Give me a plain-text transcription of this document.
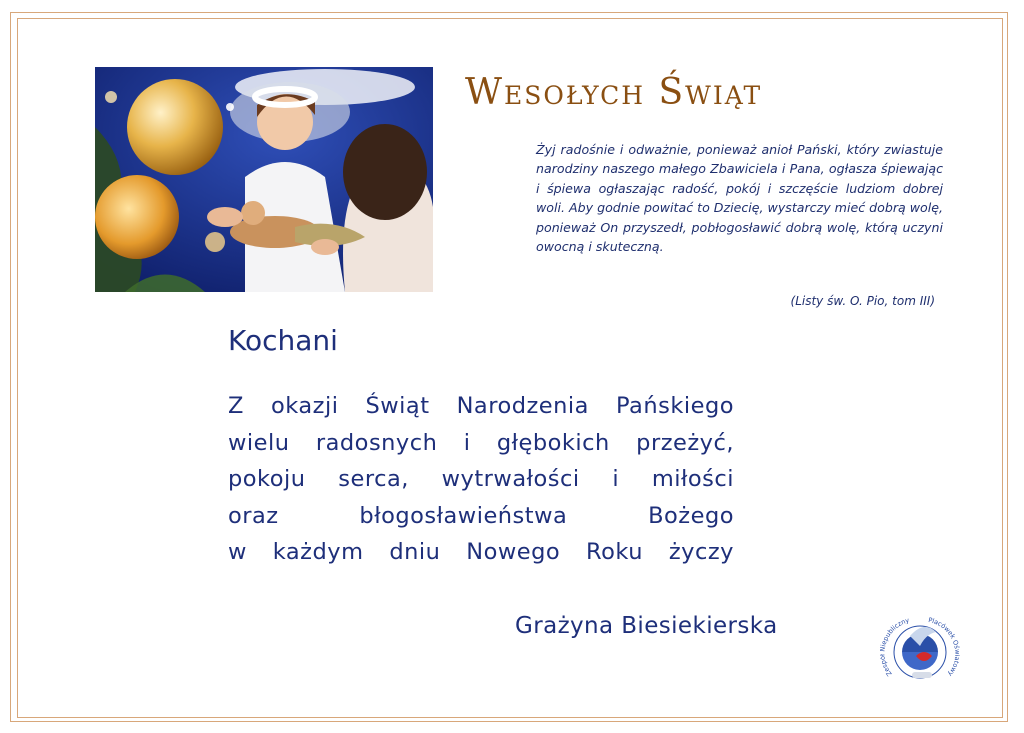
Wesołych Świąt
Żyj radośnie i odważnie, ponieważ anioł Pański, który zwiastuje narodziny naszego małego Zbawiciela i Pana, ogłasza śpiewając i śpiewa ogłaszając radość, pokój i szczęście ludziom dobrej woli. Aby godnie powitać to Dziecię, wystarczy mieć dobrą wolę, ponieważ On przyszedł, pobłogosławić dobrą wolę, którą uczyni owocną i skuteczną.
(Listy św. O. Pio, tom III)
Kochani
Z okazji Świąt Narodzenia Pańskiego
wielu radosnych i głębokich przeżyć,
pokoju serca, wytrwałości i miłości
oraz błogosławieństwa Bożego
w każdym dniu Nowego Roku życzy
Grażyna Biesiekierska
Zesp iepubliczny	Placówek O towy
